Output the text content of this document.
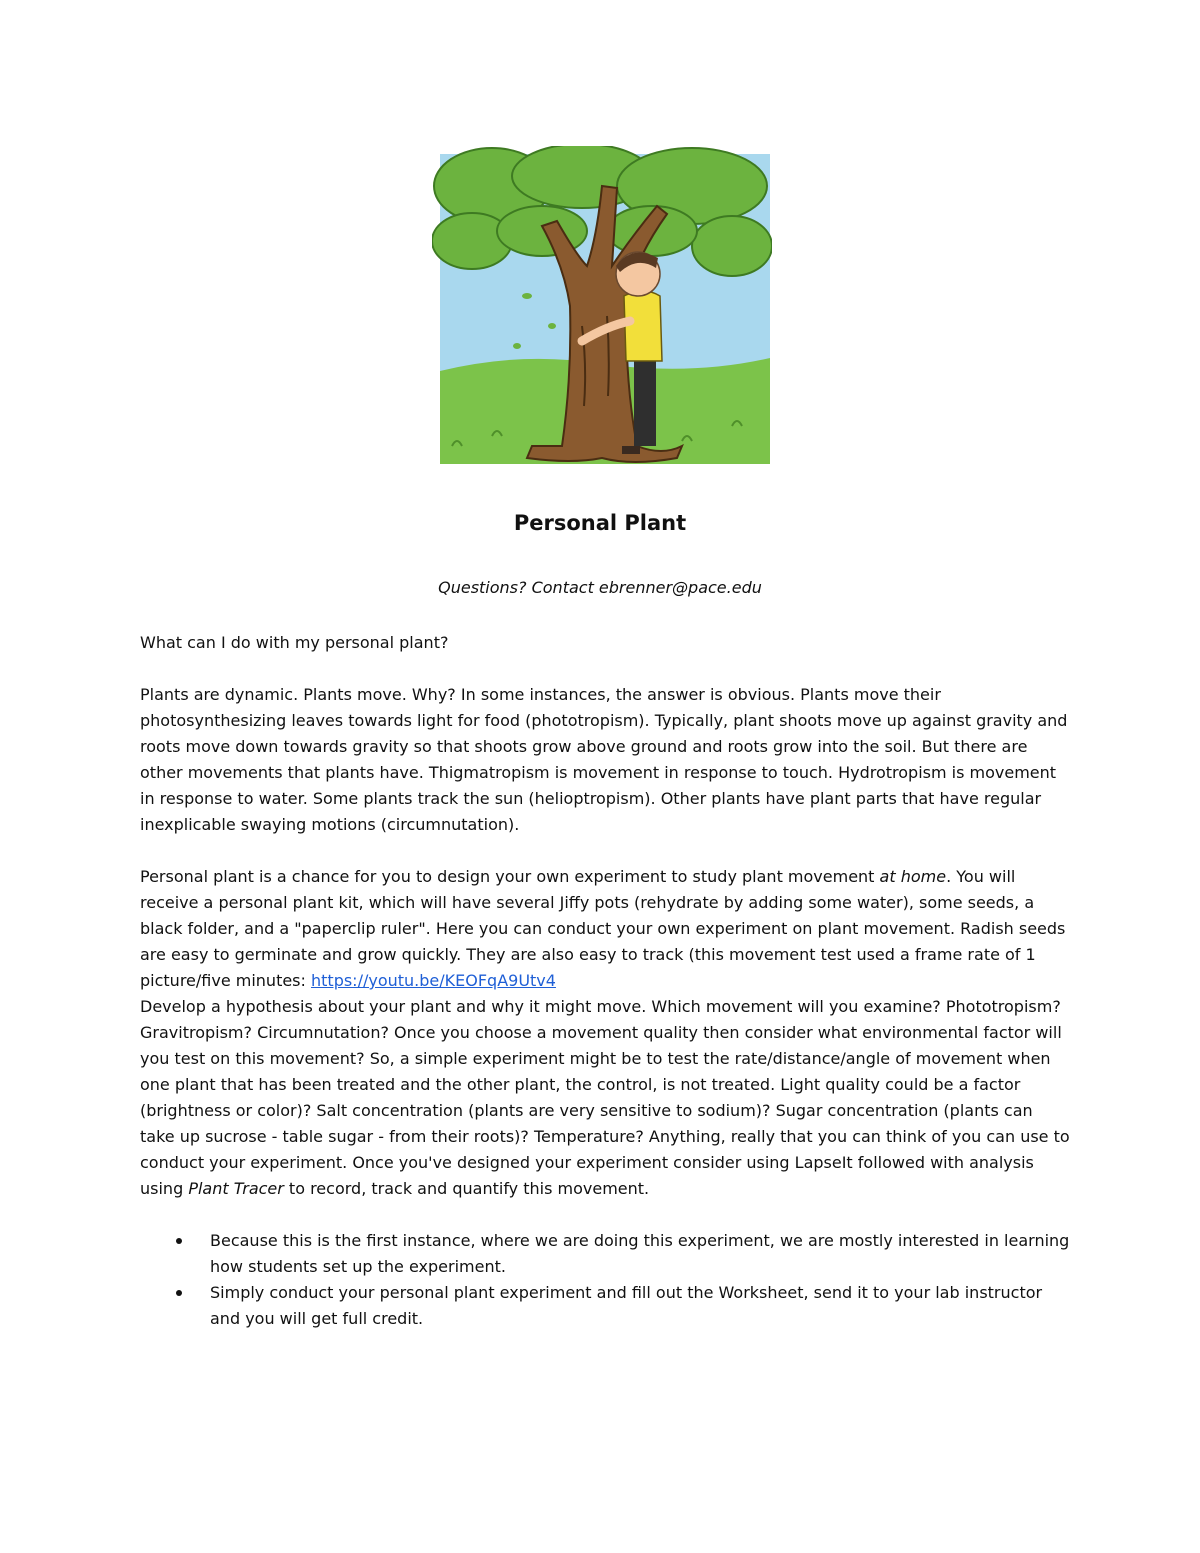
Personal Plant
Questions? Contact ebrenner@pace.edu

What can I do with my personal plant?

Plants are dynamic. Plants move. Why? In some instances, the answer is obvious. Plants move their photosynthesizing leaves towards light for food (phototropism). Typically, plant shoots move up against gravity and roots move down towards gravity so that shoots grow above ground and roots grow into the soil. But there are other movements that plants have. Thigmatropism is movement in response to touch. Hydrotropism is movement in response to water. Some plants track the sun (helioptropism). Other plants have plant parts that have regular inexplicable swaying motions (circumnutation).

Personal plant is a chance for you to design your own experiment to study plant movement at home. You will receive a personal plant kit, which will have several Jiffy pots (rehydrate by adding some water), some seeds, a black folder, and a "paperclip ruler". Here you can conduct your own experiment on plant movement. Radish seeds are easy to germinate and grow quickly. They are also easy to track (this movement test used a frame rate of 1 picture/five minutes: https://youtu.be/KEOFqA9Utv4
Develop a hypothesis about your plant and why it might move. Which movement will you examine? Phototropism? Gravitropism? Circumnutation? Once you choose a movement quality then consider what environmental factor will you test on this movement? So, a simple experiment might be to test the rate/distance/angle of movement when one plant that has been treated and the other plant, the control, is not treated. Light quality could be a factor (brightness or color)? Salt concentration (plants are very sensitive to sodium)? Sugar concentration (plants can take up sucrose - table sugar - from their roots)? Temperature? Anything, really that you can think of you can use to conduct your experiment. Once you've designed your experiment consider using LapseIt followed with analysis using Plant Tracer to record, track and quantify this movement.

Because this is the first instance, where we are doing this experiment, we are mostly interested in learning how students set up the experiment.
Simply conduct your personal plant experiment and fill out the Worksheet, send it to your lab instructor and you will get full credit.
